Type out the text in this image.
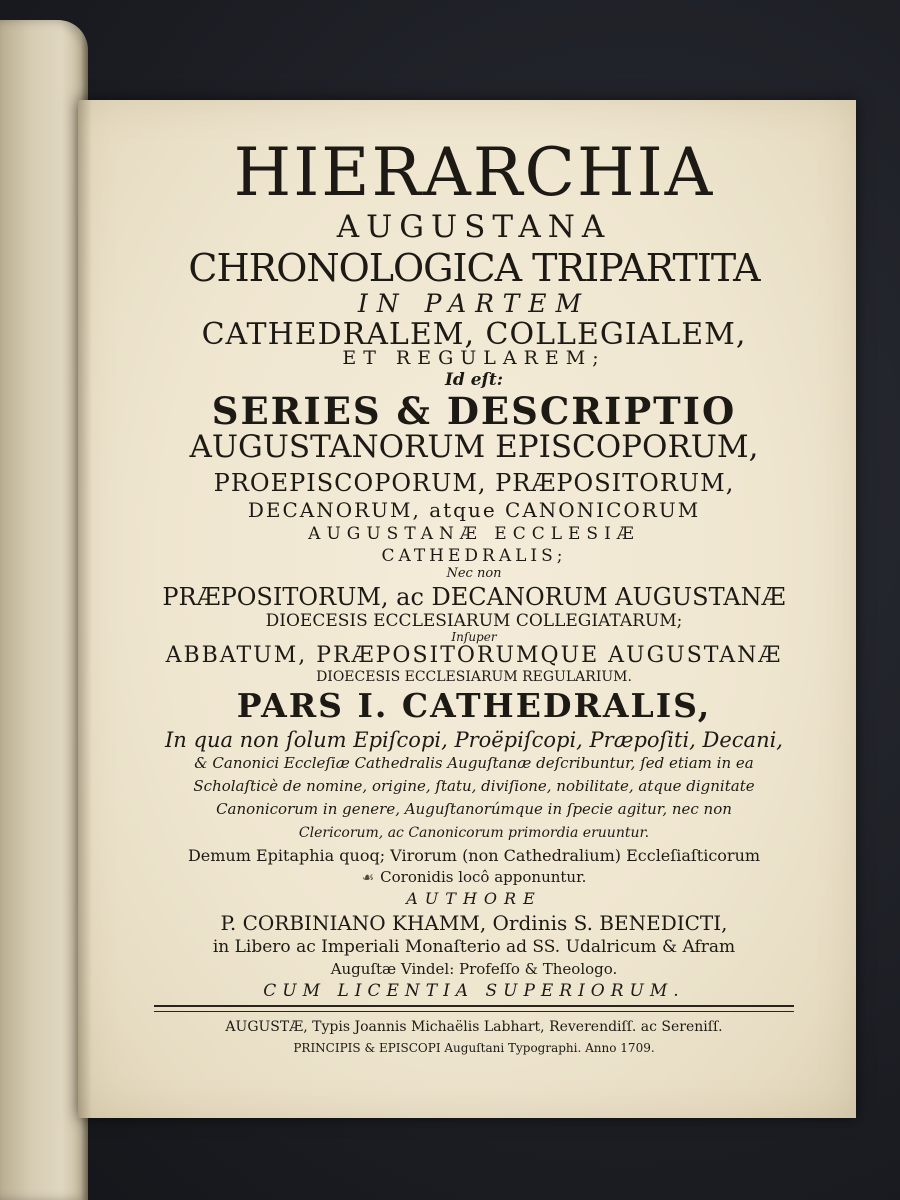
HIERARCHIA
AUGUSTANA
CHRONOLOGICA TRIPARTITA
IN PARTEM
CATHEDRALEM, COLLEGIALEM,
ET REGULAREM;
Id eſt:
SERIES & DESCRIPTIO
AUGUSTANORUM EPISCOPORUM,
PROEPISCOPORUM, PRÆPOSITORUM,
DECANORUM, atque CANONICORUM
AUGUSTANÆ ECCLESIÆ
CATHEDRALIS;
Nec non
PRÆPOSITORUM, ac DECANORUM AUGUSTANÆ
DIOECESIS ECCLESIARUM COLLEGIATARUM;
Inſuper
ABBATUM, PRÆPOSITORUMQUE AUGUSTANÆ
DIOECESIS ECCLESIARUM REGULARIUM.
PARS I. CATHEDRALIS,
In qua non ſolum Epiſcopi, Proëpiſcopi, Præpoſiti, Decani,
& Canonici Eccleſiæ Cathedralis Auguſtanæ deſcribuntur, ſed etiam in ea
Scholaſticè de nomine, origine, ſtatu, diviſione, nobilitate, atque dignitate
Canonicorum in genere, Auguſtanorúmque in ſpecie agitur, nec non
Clericorum, ac Canonicorum primordia eruuntur.
Demum Epitaphia quoq; Virorum (non Cathedralium) Eccleſiaſticorum
☙ Coronidis locô apponuntur.
AUTHORE
P. CORBINIANO KHAMM, Ordinis S. BENEDICTI,
in Libero ac Imperiali Monaſterio ad SS. Udalricum & Afram
Auguſtæ Vindel: Profeſſo & Theologo.
CUM LICENTIA SUPERIORUM.
AUGUSTÆ, Typis Joannis Michaëlis Labhart, Reverendiſſ. ac Sereniſſ.
PRINCIPIS & EPISCOPI Auguſtani Typographi. Anno 1709.
